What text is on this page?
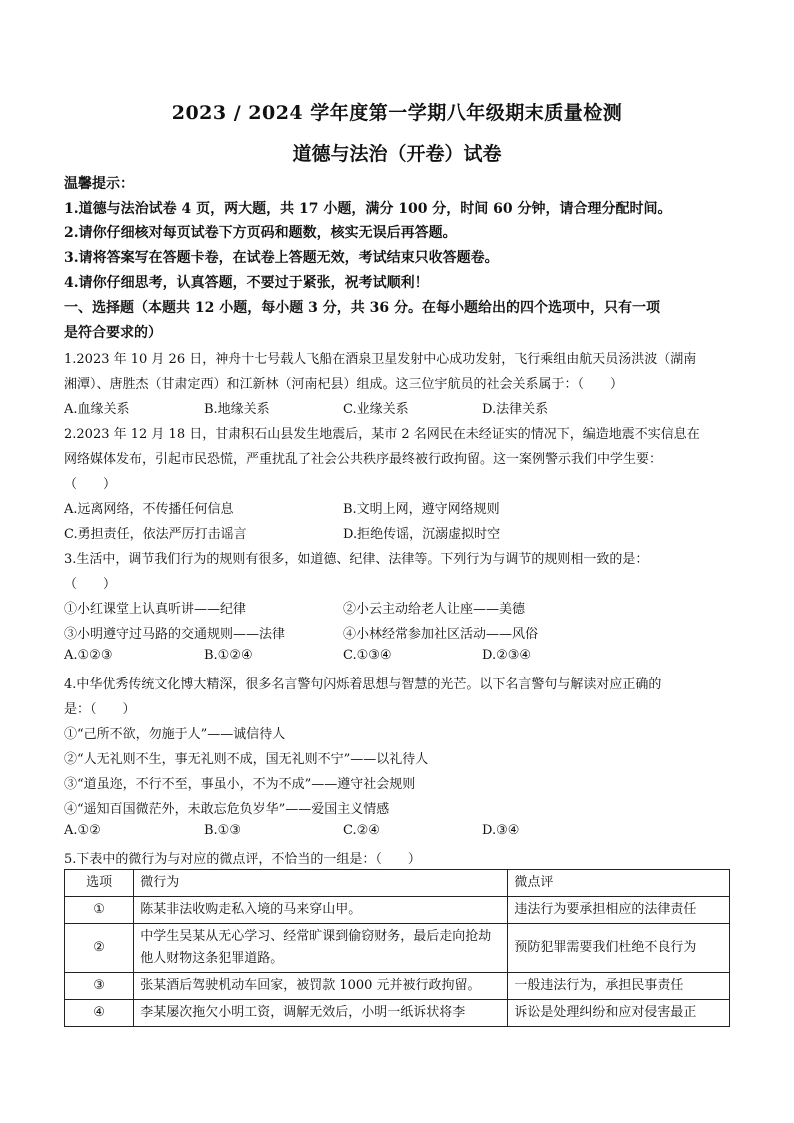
2023 / 2024 学年度第一学期八年级期末质量检测
道德与法治（开卷）试卷
温馨提示：
1.道德与法治试卷 4 页，两大题，共 17 小题，满分 100 分，时间 60 分钟，请合理分配时间。
2.请你仔细核对每页试卷下方页码和题数，核实无误后再答题。
3.请将答案写在答题卡卷，在试卷上答题无效，考试结束只收答题卷。
4.请你仔细思考，认真答题，不要过于紧张，祝考试顺利！
一、选择题（本题共 12 小题，每小题 3 分，共 36 分。在每小题给出的四个选项中，只有一项
是符合要求的）
1.2023 年 10 月 26 日，神舟十七号载人飞船在酒泉卫星发射中心成功发射，飞行乘组由航天员汤洪波（湖南
湘潭）、唐胜杰（甘肃定西）和江新林（河南杞县）组成。这三位宇航员的社会关系属于：（　　）
A.血缘关系	B.地缘关系	C.业缘关系	D.法律关系
2.2023 年 12 月 18 日，甘肃积石山县发生地震后，某市 2 名网民在未经证实的情况下，编造地震不实信息在
网络媒体发布，引起市民恐慌，严重扰乱了社会公共秩序最终被行政拘留。这一案例警示我们中学生要：
（　　）
A.远离网络，不传播任何信息	B.文明上网，遵守网络规则
C.勇担责任，依法严厉打击谣言	D.拒绝传谣，沉溺虚拟时空
3.生活中，调节我们行为的规则有很多，如道德、纪律、法律等。下列行为与调节的规则相一致的是：
（　　）
①小红课堂上认真听讲——纪律	②小云主动给老人让座——美德
③小明遵守过马路的交通规则——法律	④小林经常参加社区活动——风俗
A.①②③	B.①②④	C.①③④	D.②③④
4.中华优秀传统文化博大精深，很多名言警句闪烁着思想与智慧的光芒。以下名言警句与解读对应正确的
是：（　　）
①“己所不欲，勿施于人”——诚信待人
②“人无礼则不生，事无礼则不成，国无礼则不宁”——以礼待人
③“道虽迩，不行不至，事虽小，不为不成”——遵守社会规则
④“遥知百国微茫外，未敢忘危负岁华”——爱国主义情感
A.①②	B.①③	C.②④	D.③④
5.下表中的微行为与对应的微点评，不恰当的一组是：（　　）
选项	微行为	微点评
①	陈某非法收购走私入境的马来穿山甲。	违法行为要承担相应的法律责任
②	中学生吴某从无心学习、经常旷课到偷窃财务，最后走向抢劫他人财物这条犯罪道路。	预防犯罪需要我们杜绝不良行为
③	张某酒后驾驶机动车回家，被罚款 1000 元并被行政拘留。	一般违法行为，承担民事责任
④	李某屡次拖欠小明工资，调解无效后，小明一纸诉状将李	诉讼是处理纠纷和应对侵害最正
